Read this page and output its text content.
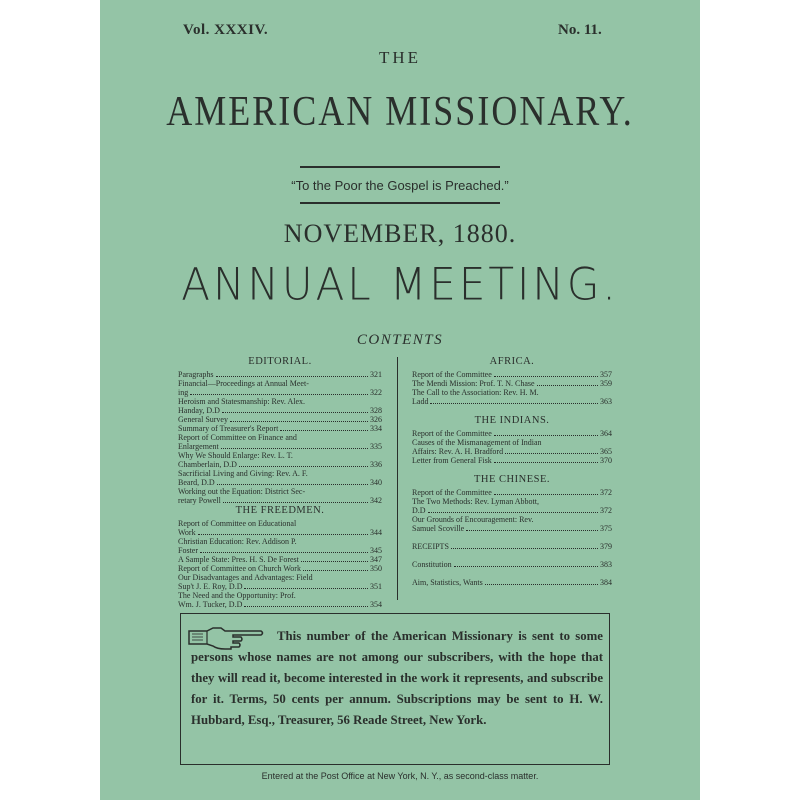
Vol. XXXIV.	No. 11.
THE
AMERICAN MISSIONARY.
“To the Poor the Gospel is Preached.”
NOVEMBER, 1880.
ANNUAL MEETING.
CONTENTS
EDITORIAL.
Paragraphs	321
Financial—Proceedings at Annual Meet-
ing	322
Heroism and Statesmanship: Rev. Alex.
Handay, D.D	328
General Survey	326
Summary of Treasurer's Report	334
Report of Committee on Finance and
Enlargement	335
Why We Should Enlarge: Rev. L. T.
Chamberlain, D.D	336
Sacrificial Living and Giving: Rev. A. F.
Beard, D.D	340
Working out the Equation: District Sec-
retary Powell	342
THE FREEDMEN.
Report of Committee on Educational
Work	344
Christian Education: Rev. Addison P.
Foster	345
A Sample State: Pres. H. S. De Forest	347
Report of Committee on Church Work	350
Our Disadvantages and Advantages: Field
Sup't J. E. Roy, D.D	351
The Need and the Opportunity: Prof.
Wm. J. Tucker, D.D	354
AFRICA.
Report of the Committee	357
The Mendi Mission: Prof. T. N. Chase	359
The Call to the Association: Rev. H. M.
Ladd	363
THE INDIANS.
Report of the Committee	364
Causes of the Mismanagement of Indian
Affairs: Rev. A. H. Bradford	365
Letter from General Fisk	370
THE CHINESE.
Report of the Committee	372
The Two Methods: Rev. Lyman Abbott,
D.D	372
Our Grounds of Encouragement: Rev.
Samuel Scoville	375
RECEIPTS	379
Constitution	383
Aim, Statistics, Wants	384
This number of the American Missionary is sent to some persons whose names are not among our subscribers, with the hope that they will read it, become interested in the work it represents, and subscribe for it. Terms, 50 cents per annum. Subscriptions may be sent to H. W. Hubbard, Esq., Treasurer, 56 Reade Street, New York.
Entered at the Post Office at New York, N. Y., as second-class matter.
